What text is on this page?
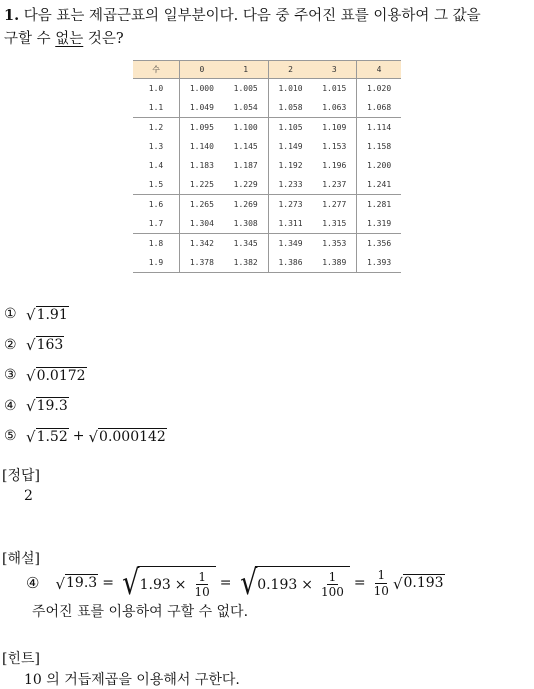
1. 다음 표는 제곱근표의 일부분이다. 다음 중 주어진 표를 이용하여 그 값을
구할 수 없는 것은?
수	0	1	2	3	4
1.0	1.000	1.005	1.010	1.015	1.020
1.1	1.049	1.054	1.058	1.063	1.068
1.2	1.095	1.100	1.105	1.109	1.114
1.3	1.140	1.145	1.149	1.153	1.158
1.4	1.183	1.187	1.192	1.196	1.200
1.5	1.225	1.229	1.233	1.237	1.241
1.6	1.265	1.269	1.273	1.277	1.281
1.7	1.304	1.308	1.311	1.315	1.319
1.8	1.342	1.345	1.349	1.353	1.356
1.9	1.378	1.382	1.386	1.389	1.393
① √ 1.91
② √ 163
③ √ 0.0172
④ √ 19.3
⑤ √ 1.52 + √ 0.000142
[정답]
2
[해설]
④ √ 19.3 = √ $1.93 \times \frac{1}{10}$ = √ $0.193 \times \frac{1}{100} = \frac{1}{10}$ √ 0.193
주어진 표를 이용하여 구할 수 없다.
[힌트]
10 의 거듭제곱을 이용해서 구한다.
